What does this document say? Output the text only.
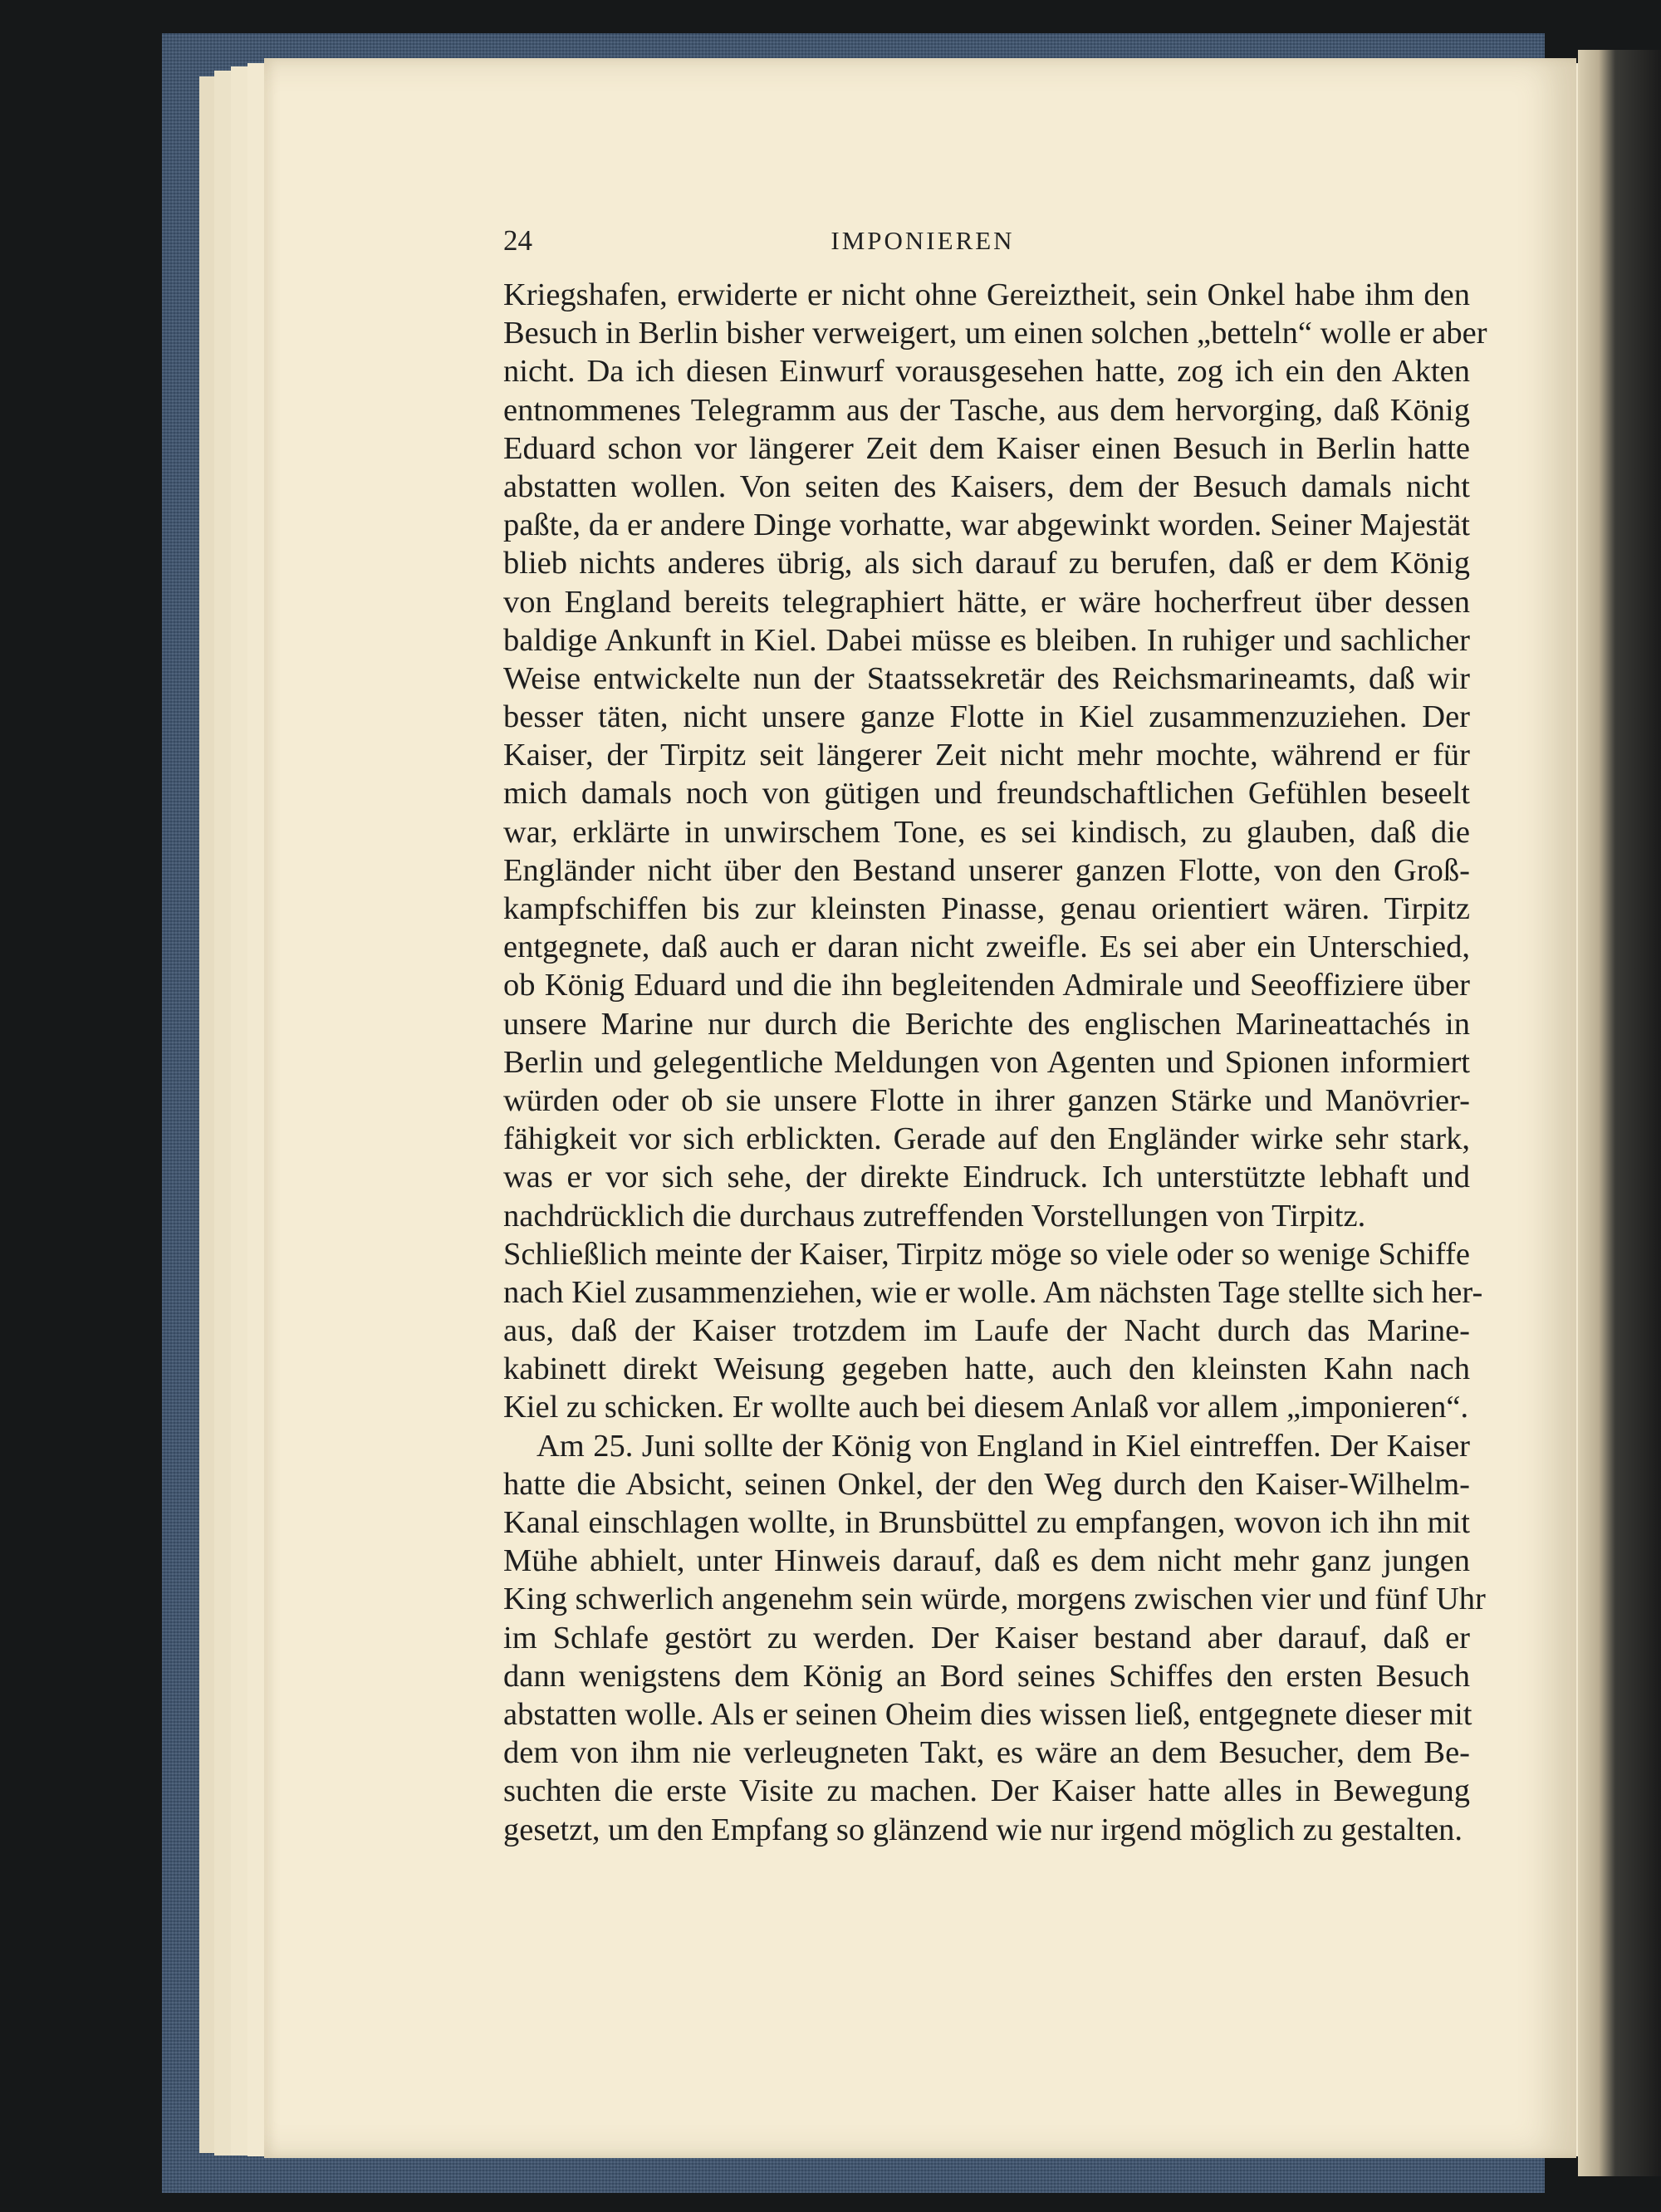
24	IMPONIEREN
Kriegshafen, erwiderte er nicht ohne Gereiztheit, sein Onkel habe ihm den
Besuch in Berlin bisher verweigert, um einen solchen „betteln“ wolle er aber
nicht. Da ich diesen Einwurf vorausgesehen hatte, zog ich ein den Akten
entnommenes Telegramm aus der Tasche, aus dem hervorging, daß König
Eduard schon vor längerer Zeit dem Kaiser einen Besuch in Berlin hatte
abstatten wollen. Von seiten des Kaisers, dem der Besuch damals nicht
paßte, da er andere Dinge vorhatte, war abgewinkt worden. Seiner Majestät
blieb nichts anderes übrig, als sich darauf zu berufen, daß er dem König
von England bereits telegraphiert hätte, er wäre hocherfreut über dessen
baldige Ankunft in Kiel. Dabei müsse es bleiben. In ruhiger und sachlicher
Weise entwickelte nun der Staatssekretär des Reichsmarineamts, daß wir
besser täten, nicht unsere ganze Flotte in Kiel zusammenzuziehen. Der
Kaiser, der Tirpitz seit längerer Zeit nicht mehr mochte, während er für
mich damals noch von gütigen und freundschaftlichen Gefühlen beseelt
war, erklärte in unwirschem Tone, es sei kindisch, zu glauben, daß die
Engländer nicht über den Bestand unserer ganzen Flotte, von den Groß-
kampfschiffen bis zur kleinsten Pinasse, genau orientiert wären. Tirpitz
entgegnete, daß auch er daran nicht zweifle. Es sei aber ein Unterschied,
ob König Eduard und die ihn begleitenden Admirale und Seeoffiziere über
unsere Marine nur durch die Berichte des englischen Marineattachés in
Berlin und gelegentliche Meldungen von Agenten und Spionen informiert
würden oder ob sie unsere Flotte in ihrer ganzen Stärke und Manövrier-
fähigkeit vor sich erblickten. Gerade auf den Engländer wirke sehr stark,
was er vor sich sehe, der direkte Eindruck. Ich unterstützte lebhaft und
nachdrücklich die durchaus zutreffenden Vorstellungen von Tirpitz.
Schließlich meinte der Kaiser, Tirpitz möge so viele oder so wenige Schiffe
nach Kiel zusammenziehen, wie er wolle. Am nächsten Tage stellte sich her-
aus, daß der Kaiser trotzdem im Laufe der Nacht durch das Marine-
kabinett direkt Weisung gegeben hatte, auch den kleinsten Kahn nach
Kiel zu schicken. Er wollte auch bei diesem Anlaß vor allem „imponieren“.
Am 25. Juni sollte der König von England in Kiel eintreffen. Der Kaiser
hatte die Absicht, seinen Onkel, der den Weg durch den Kaiser-Wilhelm-
Kanal einschlagen wollte, in Brunsbüttel zu empfangen, wovon ich ihn mit
Mühe abhielt, unter Hinweis darauf, daß es dem nicht mehr ganz jungen
King schwerlich angenehm sein würde, morgens zwischen vier und fünf Uhr
im Schlafe gestört zu werden. Der Kaiser bestand aber darauf, daß er
dann wenigstens dem König an Bord seines Schiffes den ersten Besuch
abstatten wolle. Als er seinen Oheim dies wissen ließ, entgegnete dieser mit
dem von ihm nie verleugneten Takt, es wäre an dem Besucher, dem Be-
suchten die erste Visite zu machen. Der Kaiser hatte alles in Bewegung
gesetzt, um den Empfang so glänzend wie nur irgend möglich zu gestalten.
